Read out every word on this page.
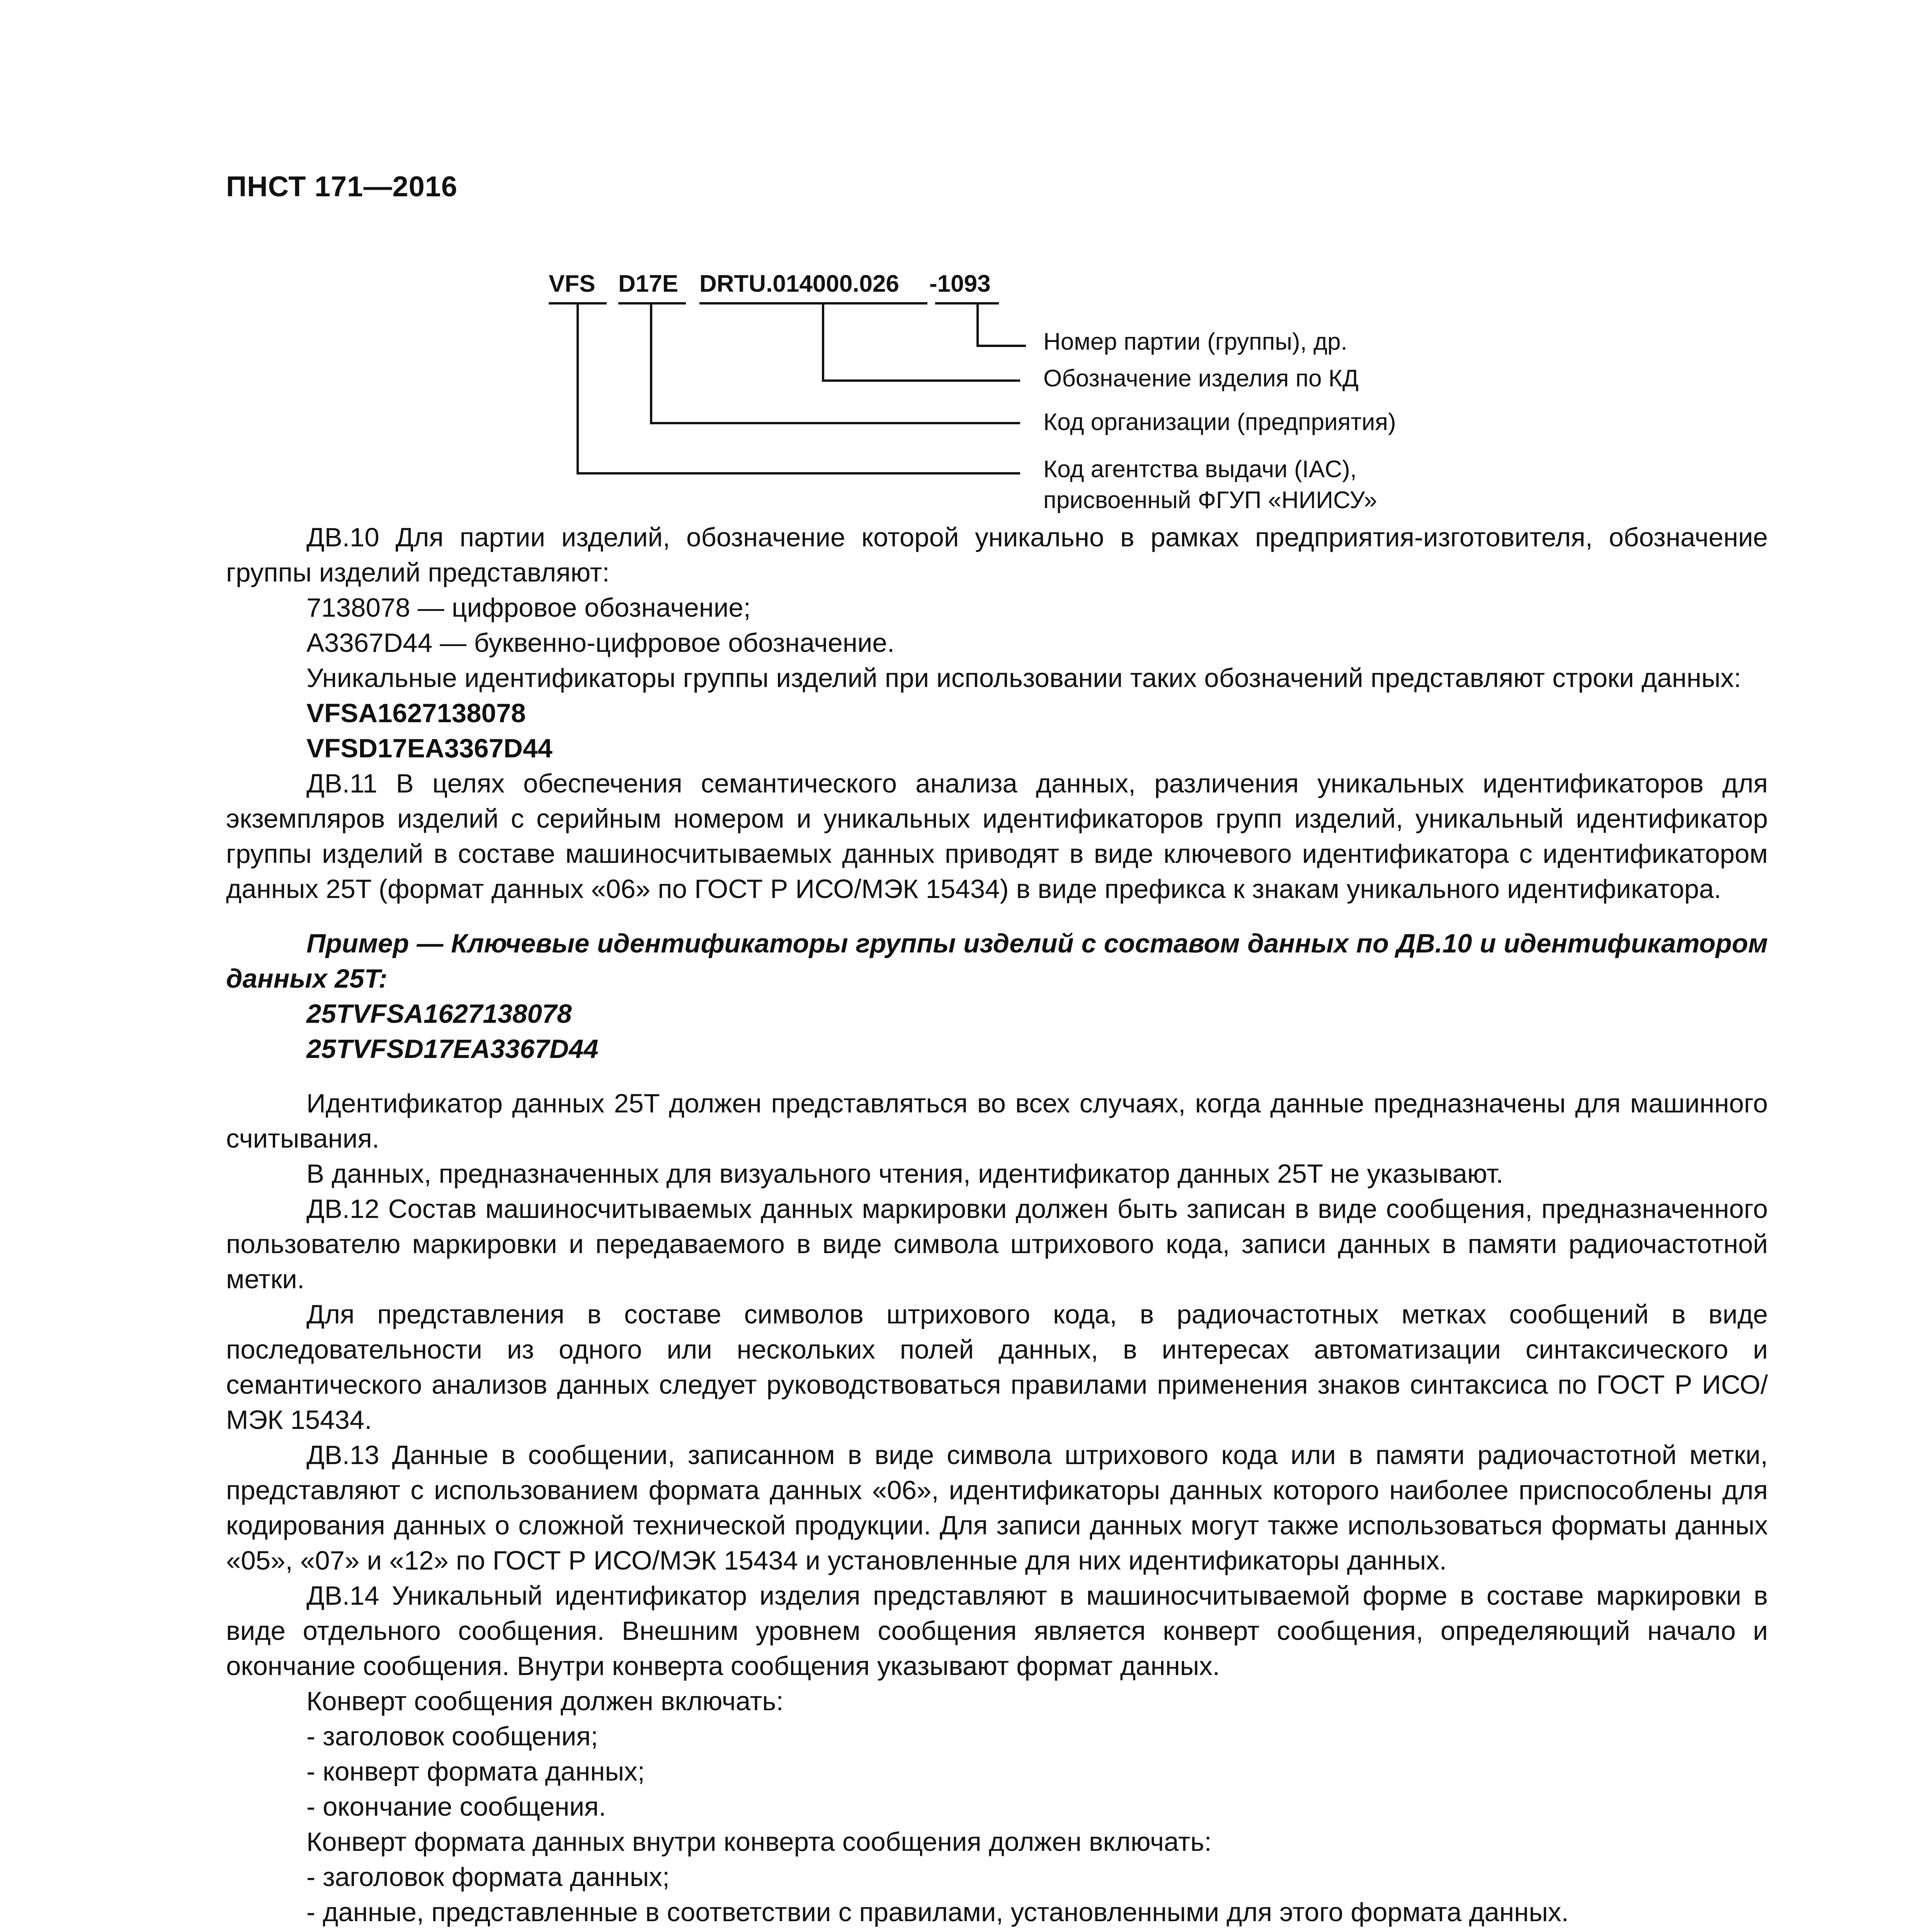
ПНСТ 171—2016
VFS D17E DRTU.014000.026 -1093
Номер партии (группы), др.
Обозначение изделия по КД
Код организации (предприятия)
Код агентства выдачи (IAC),
присвоенный ФГУП «НИИСУ»

ДВ.10 Для партии изделий, обозначение которой уникально в рамках предприятия-изготовителя, обозначение группы изделий представляют:

7138078 — цифровое обозначение;

A3367D44 — буквенно-цифровое обозначение.

Уникальные идентификаторы группы изделий при использовании таких обозначений представляют строки данных:

VFSA1627138078

VFSD17EA3367D44

ДВ.11 В целях обеспечения семантического анализа данных, различения уникальных идентификаторов для экземпляров изделий с серийным номером и уникальных идентификаторов групп изделий, уникальный идентификатор группы изделий в составе машиносчитываемых данных приводят в виде ключевого идентификатора с идентификатором данных 25T (формат данных «06» по ГОСТ Р ИСО/МЭК 15434) в виде префикса к знакам уникального идентификатора.

Пример — Ключевые идентификаторы группы изделий с составом данных по ДВ.10 и идентификатором данных 25T:

25TVFSA1627138078

25TVFSD17EA3367D44

Идентификатор данных 25T должен представляться во всех случаях, когда данные предназначены для машинного считывания.

В данных, предназначенных для визуального чтения, идентификатор данных 25T не указывают.

ДВ.12 Состав машиносчитываемых данных маркировки должен быть записан в виде сообщения, предназначенного пользователю маркировки и передаваемого в виде символа штрихового кода, записи данных в памяти радиочастотной метки.

Для представления в составе символов штрихового кода, в радиочастотных метках сообщений в виде последовательности из одного или нескольких полей данных, в интересах автоматизации синтаксического и семантического анализов данных следует руководствоваться правилами применения знаков синтаксиса по ГОСТ Р ИСО/МЭК 15434.

ДВ.13 Данные в сообщении, записанном в виде символа штрихового кода или в памяти радиочастотной метки, представляют с использованием формата данных «06», идентификаторы данных которого наиболее приспособлены для кодирования данных о сложной технической продукции. Для записи данных могут также использоваться форматы данных «05», «07» и «12» по ГОСТ Р ИСО/МЭК 15434 и установленные для них идентификаторы данных.

ДВ.14 Уникальный идентификатор изделия представляют в машиносчитываемой форме в составе маркировки в виде отдельного сообщения. Внешним уровнем сообщения является конверт сообщения, определяющий начало и окончание сообщения. Внутри конверта сообщения указывают формат данных.

Конверт сообщения должен включать:

- заголовок сообщения;

- конверт формата данных;

- окончание сообщения.

Конверт формата данных внутри конверта сообщения должен включать:

- заголовок формата данных;

- данные, представленные в соответствии с правилами, установленными для этого формата данных.
